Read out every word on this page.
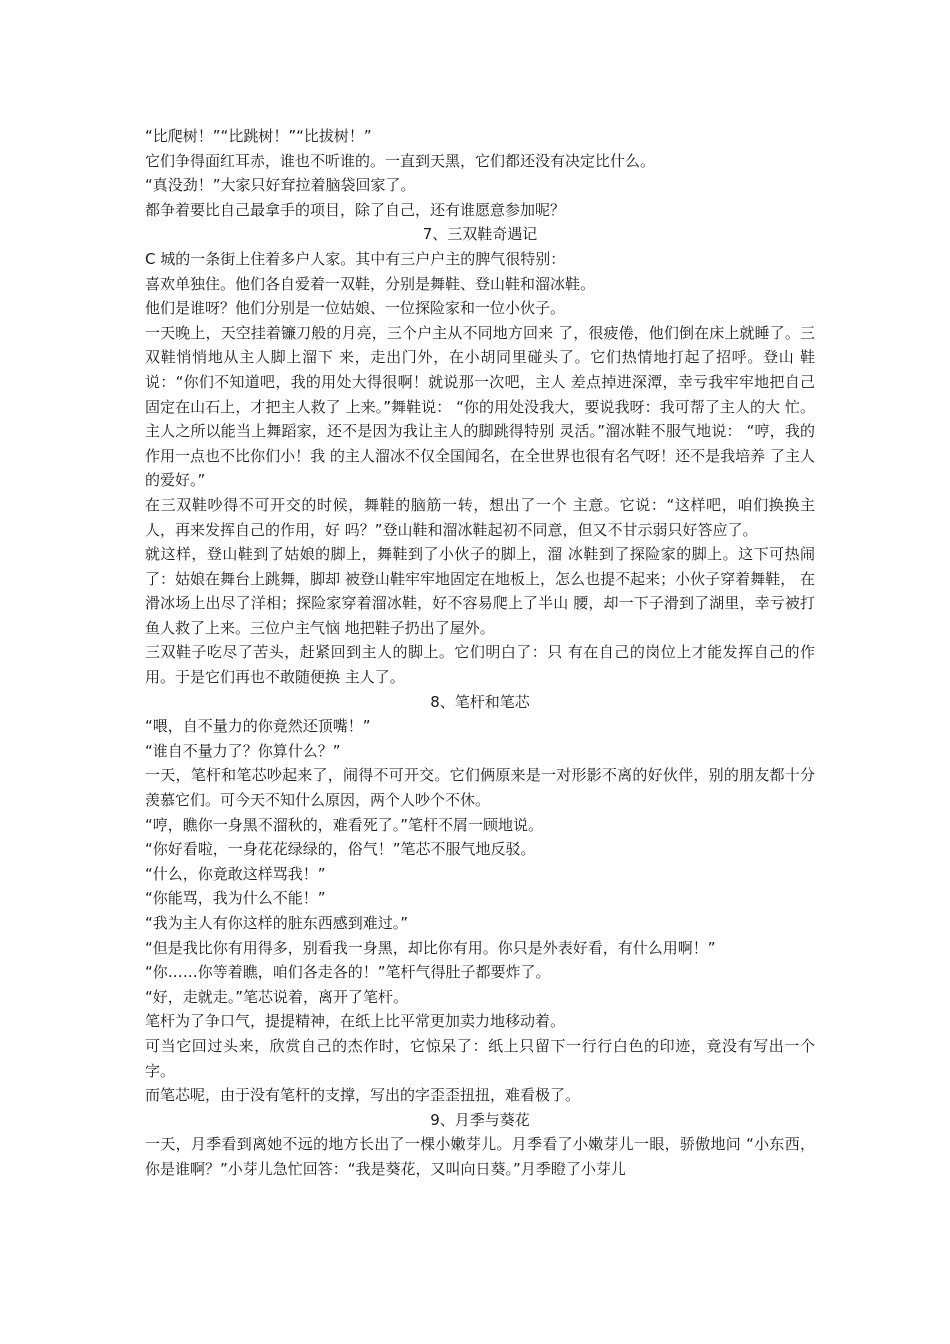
“比爬树！”“比跳树！”“比拔树！”

它们争得面红耳赤，谁也不听谁的。一直到天黑，它们都还没有决定比什么。

“真没劲！”大家只好耷拉着脑袋回家了。

都争着要比自己最拿手的项目，除了自己，还有谁愿意参加呢？

7、三双鞋奇遇记

C 城的一条街上住着多户人家。其中有三户户主的脾气很特别：

喜欢单独住。他们各自爱着一双鞋，分别是舞鞋、登山鞋和溜冰鞋。

他们是谁呀？他们分别是一位姑娘、一位探险家和一位小伙子。

一天晚上，天空挂着镰刀般的月亮，三个户主从不同地方回来 了，很疲倦，他们倒在床上就睡了。三双鞋悄悄地从主人脚上溜下 来，走出门外，在小胡同里碰头了。它们热情地打起了招呼。登山 鞋说：“你们不知道吧，我的用处大得很啊！就说那一次吧，主人 差点掉进深潭，幸亏我牢牢地把自己固定在山石上，才把主人救了 上来。”舞鞋说： “你的用处没我大，要说我呀：我可帮了主人的大 忙。主人之所以能当上舞蹈家，还不是因为我让主人的脚跳得特别 灵活。”溜冰鞋不服气地说： “哼，我的作用一点也不比你们小！我 的主人溜冰不仅全国闻名，在全世界也很有名气呀！还不是我培养 了主人的爱好。”

在三双鞋吵得不可开交的时候，舞鞋的脑筋一转，想出了一个 主意。它说：“这样吧，咱们换换主人，再来发挥自己的作用，好 吗？”登山鞋和溜冰鞋起初不同意，但又不甘示弱只好答应了。

就这样，登山鞋到了姑娘的脚上，舞鞋到了小伙子的脚上，溜 冰鞋到了探险家的脚上。这下可热闹了：姑娘在舞台上跳舞，脚却 被登山鞋牢牢地固定在地板上，怎么也提不起来；小伙子穿着舞鞋， 在滑冰场上出尽了洋相；探险家穿着溜冰鞋，好不容易爬上了半山 腰，却一下子滑到了湖里，幸亏被打鱼人救了上来。三位户主气恼 地把鞋子扔出了屋外。

三双鞋子吃尽了苦头，赶紧回到主人的脚上。它们明白了：只 有在自己的岗位上才能发挥自己的作用。于是它们再也不敢随便换 主人了。

8、笔杆和笔芯

“喂，自不量力的你竟然还顶嘴！”

“谁自不量力了？你算什么？”

一天，笔杆和笔芯吵起来了，闹得不可开交。它们俩原来是一对形影不离的好伙伴，别的朋友都十分羡慕它们。可今天不知什么原因，两个人吵个不休。

“哼，瞧你一身黑不溜秋的，难看死了。”笔杆不屑一顾地说。

“你好看啦，一身花花绿绿的，俗气！”笔芯不服气地反驳。

“什么，你竟敢这样骂我！”

“你能骂，我为什么不能！”

“我为主人有你这样的脏东西感到难过。”

“但是我比你有用得多，别看我一身黑，却比你有用。你只是外表好看，有什么用啊！”

“你……你等着瞧，咱们各走各的！”笔杆气得肚子都要炸了。

“好，走就走。”笔芯说着，离开了笔杆。

笔杆为了争口气，提提精神，在纸上比平常更加卖力地移动着。

可当它回过头来，欣赏自己的杰作时，它惊呆了：纸上只留下一行行白色的印迹，竟没有写出一个字。

而笔芯呢，由于没有笔杆的支撑，写出的字歪歪扭扭，难看极了。

9、月季与葵花

一天，月季看到离她不远的地方长出了一棵小嫩芽儿。月季看了小嫩芽儿一眼，骄傲地问 “小东西，你是谁啊？”小芽儿急忙回答：“我是葵花，又叫向日葵。”月季瞪了小芽儿
